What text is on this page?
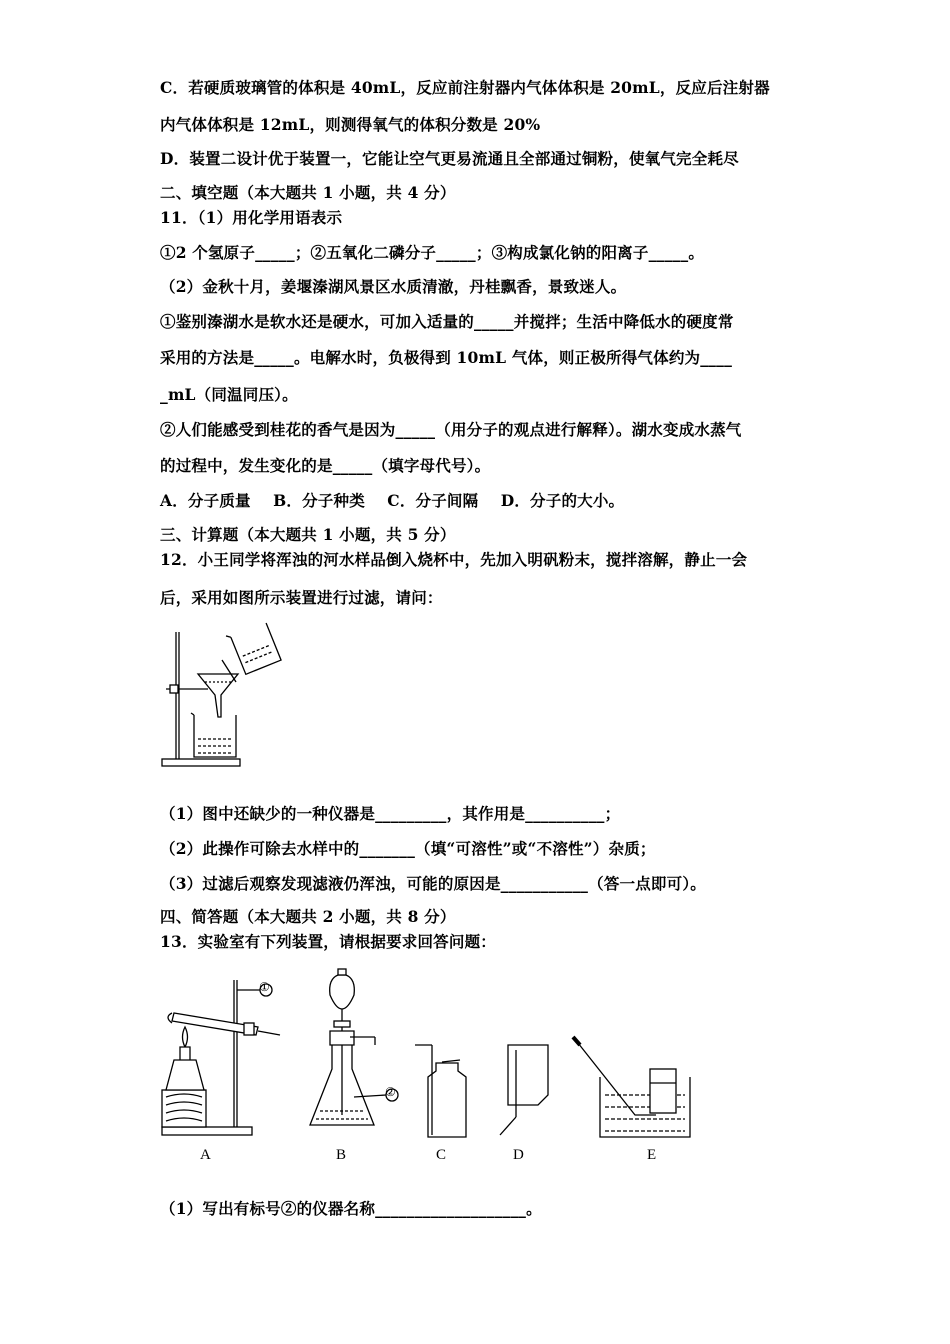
C．若硬质玻璃管的体积是 40mL，反应前注射器内气体体积是 20mL，反应后注射器
内气体体积是 12mL，则测得氧气的体积分数是 20%
D．装置二设计优于装置一，它能让空气更易流通且全部通过铜粉，使氧气完全耗尽
二、填空题（本大题共 1 小题，共 4 分）
11．（1）用化学用语表示
①2 个氢原子_____；②五氧化二磷分子_____；③构成氯化钠的阳离子_____。
（2）金秋十月，姜堰溱湖风景区水质清澈，丹桂飘香，景致迷人。
①鉴别溱湖水是软水还是硬水，可加入适量的_____并搅拌；生活中降低水的硬度常
采用的方法是_____。电解水时，负极得到 10mL 气体，则正极所得气体约为____
_mL（同温同压）。
②人们能感受到桂花的香气是因为_____（用分子的观点进行解释）。湖水变成水蒸气
的过程中，发生变化的是_____（填字母代号）。
A．分子质量    B．分子种类    C．分子间隔    D．分子的大小。
三、计算题（本大题共 1 小题，共 5 分）
12．小王同学将浑浊的河水样品倒入烧杯中，先加入明矾粉末，搅拌溶解，静止一会
后，采用如图所示装置进行过滤，请问：
（1）图中还缺少的一种仪器是_________，其作用是__________；
（2）此操作可除去水样中的_______（填“可溶性”或“不溶性”）杂质；
（3）过滤后观察发现滤液仍浑浊，可能的原因是___________（答一点即可）。
四、简答题（本大题共 2 小题，共 8 分）
13．实验室有下列装置，请根据要求回答问题：
A	B	C	D	E
①
②
（1）写出有标号②的仪器名称___________________。
